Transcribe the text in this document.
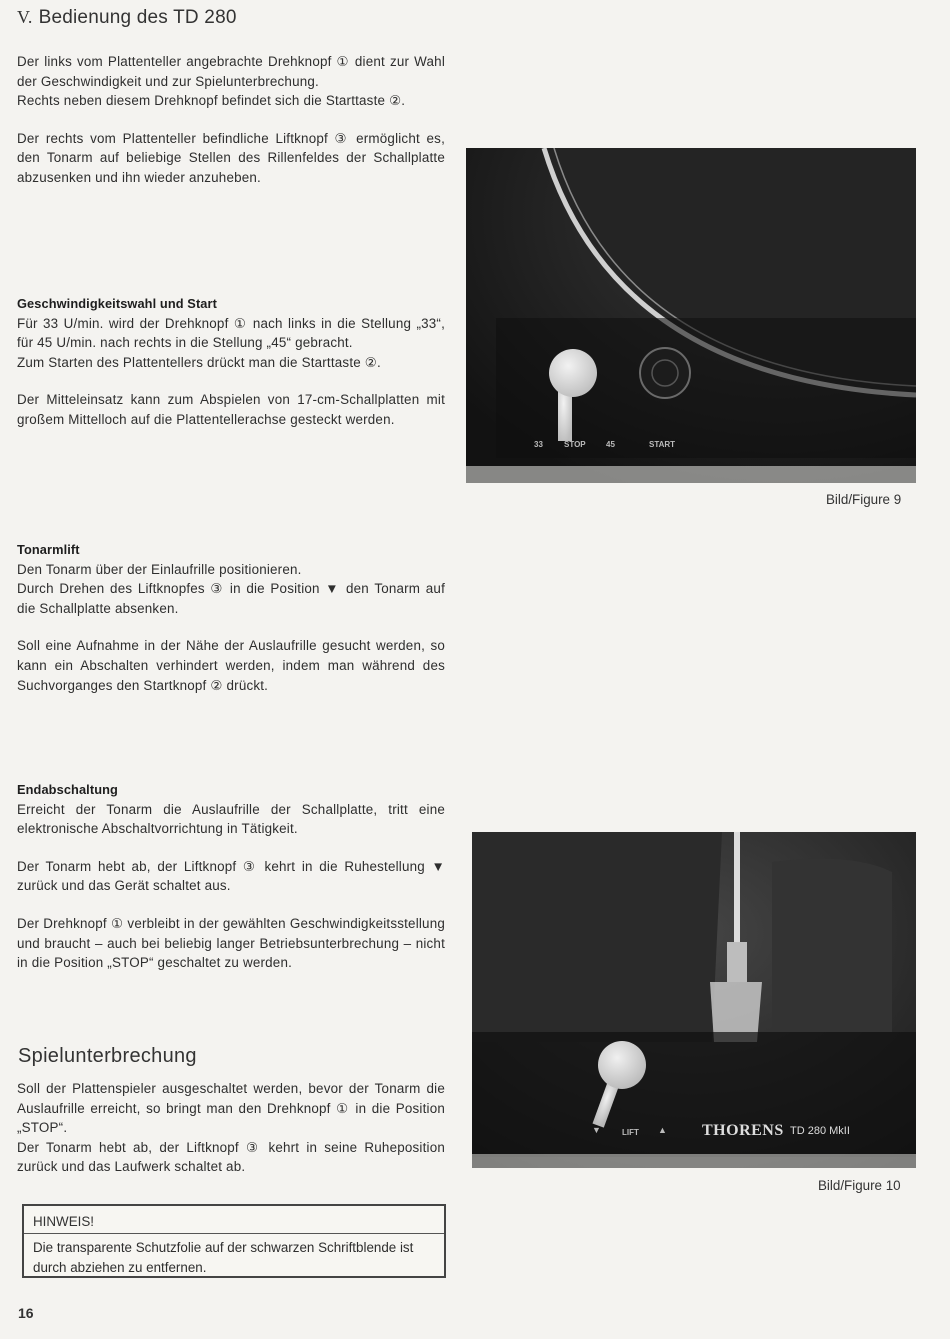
V. Bedienung des TD 280

Der links vom Plattenteller angebrachte Drehknopf ① dient zur Wahl der Geschwindigkeit und zur Spielunterbrechung.

Rechts neben diesem Drehknopf befindet sich die Starttaste ②.

Der rechts vom Plattenteller befindliche Liftknopf ③ ermöglicht es, den Tonarm auf beliebige Stellen des Rillenfeldes der Schallplatte abzusenken und ihn wieder anzuheben.

Geschwindigkeitswahl und Start

Für 33 U/min. wird der Drehknopf ① nach links in die Stellung „33“, für 45 U/min. nach rechts in die Stellung „45“ gebracht.

Zum Starten des Plattentellers drückt man die Starttaste ②.

Der Mitteleinsatz kann zum Abspielen von 17-cm-Schallplatten mit großem Mittelloch auf die Plattentellerachse gesteckt werden.

Tonarmlift

Den Tonarm über der Einlaufrille positionieren.

Durch Drehen des Liftknopfes ③ in die Position ▼ den Tonarm auf die Schallplatte absenken.

Soll eine Aufnahme in der Nähe der Auslaufrille gesucht werden, so kann ein Abschalten verhindert werden, indem man während des Suchvorganges den Startknopf ② drückt.

Endabschaltung

Erreicht der Tonarm die Auslaufrille der Schallplatte, tritt eine elektronische Abschaltvorrichtung in Tätigkeit.

Der Tonarm hebt ab, der Liftknopf ③ kehrt in die Ruhestellung ▼ zurück und das Gerät schaltet aus.

Der Drehknopf ① verbleibt in der gewählten Geschwindigkeitsstellung und braucht – auch bei beliebig langer Betriebsunterbrechung – nicht in die Position „STOP“ geschaltet zu werden.

Spielunterbrechung

Soll der Plattenspieler ausgeschaltet werden, bevor der Tonarm die Auslaufrille erreicht, so bringt man den Drehknopf ① in die Position „STOP“.

Der Tonarm hebt ab, der Liftknopf ③ kehrt in seine Ruheposition zurück und das Laufwerk schaltet ab.

HINWEIS!
Die transparente Schutzfolie auf der schwarzen Schriftblende ist durch abziehen zu entfernen.
16
33	STOP	45	START
Bild/Figure 9
▼	LIFT ▲ THORENS TD 280 MkII
Bild/Figure 10
